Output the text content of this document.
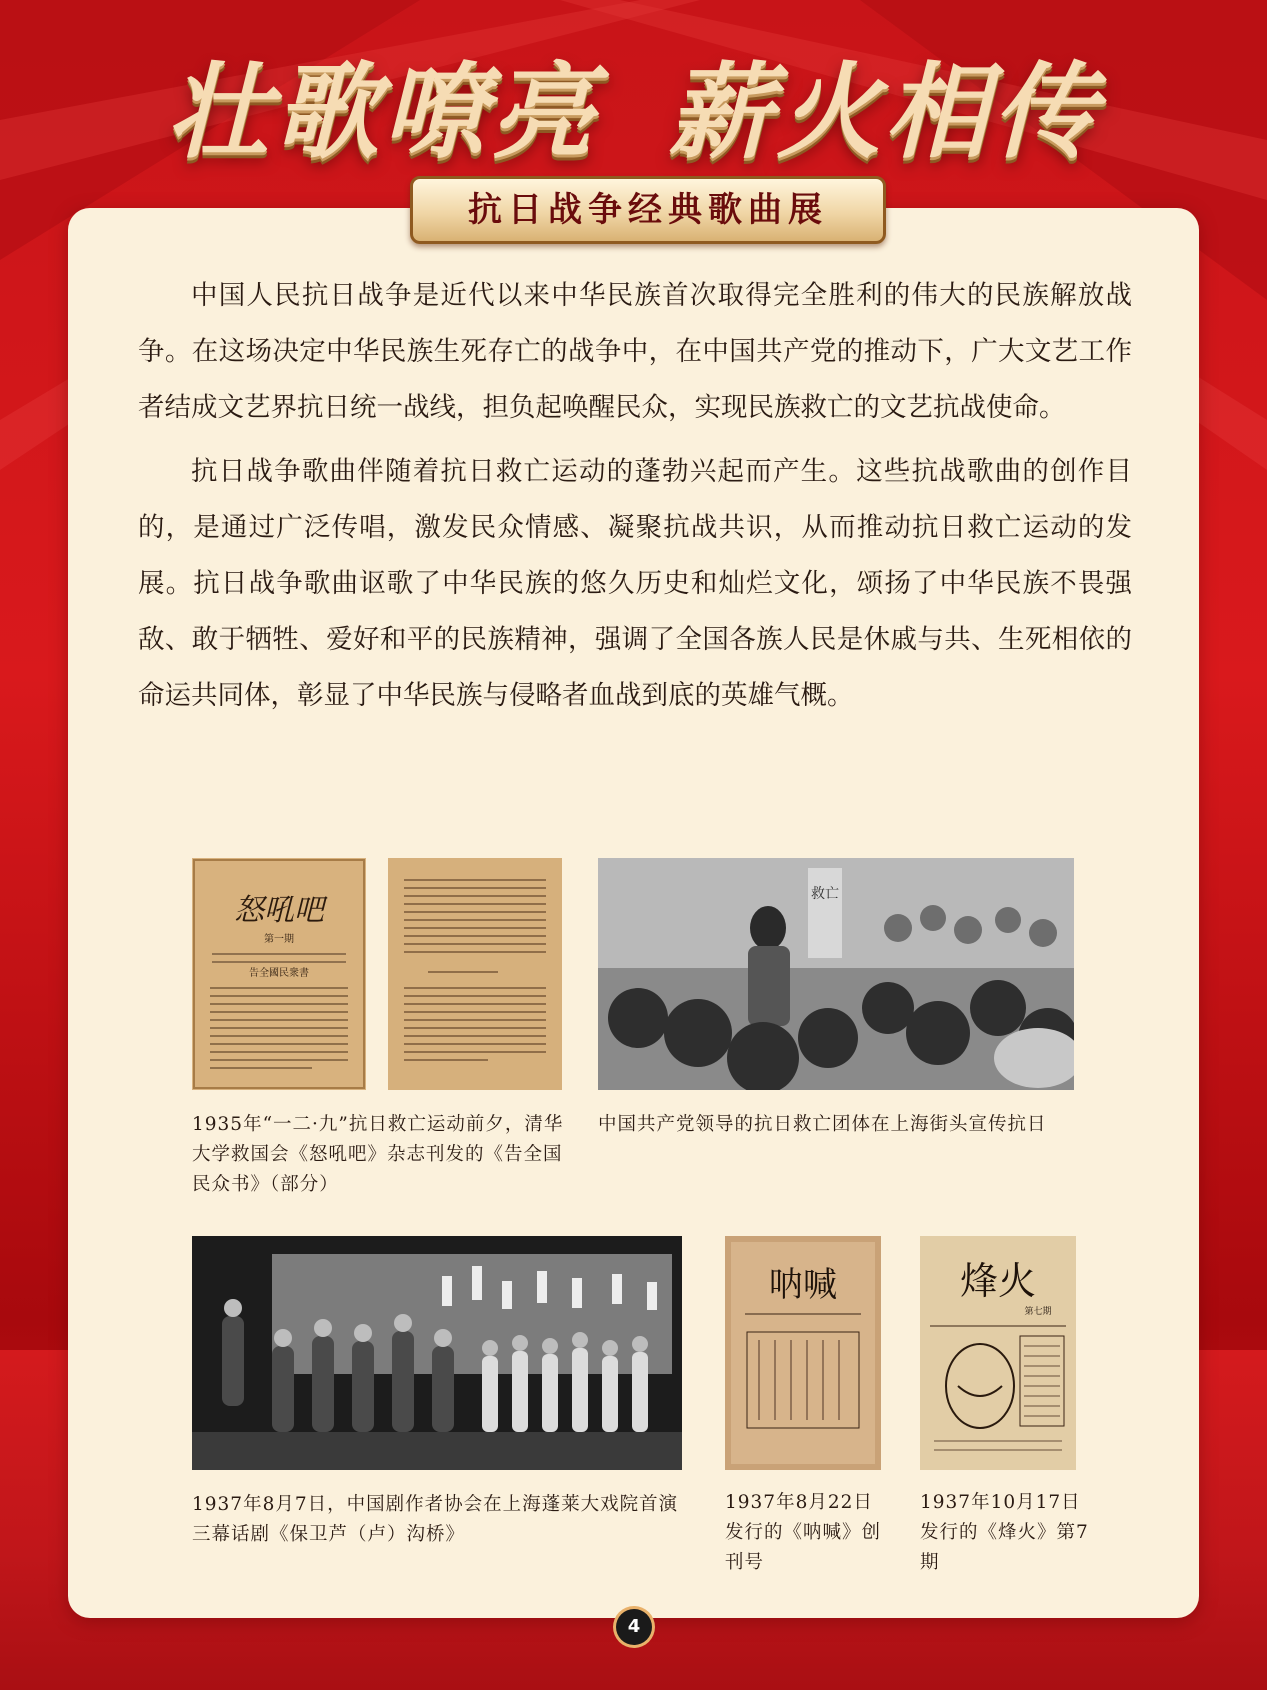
壮歌嘹亮 薪火相传
抗日战争经典歌曲展

中国人民抗日战争是近代以来中华民族首次取得完全胜利的伟大的民族解放战争。在这场决定中华民族生死存亡的战争中，在中国共产党的推动下，广大文艺工作者结成文艺界抗日统一战线，担负起唤醒民众，实现民族救亡的文艺抗战使命。

抗日战争歌曲伴随着抗日救亡运动的蓬勃兴起而产生。这些抗战歌曲的创作目的，是通过广泛传唱，激发民众情感、凝聚抗战共识，从而推动抗日救亡运动的发展。抗日战争歌曲讴歌了中华民族的悠久历史和灿烂文化，颂扬了中华民族不畏强敌、敢于牺牲、爱好和平的民族精神，强调了全国各族人民是休戚与共、生死相依的命运共同体，彰显了中华民族与侵略者血战到底的英雄气概。

怒吼吧
第一期
告全國民衆書
1935年“一二·九”抗日救亡运动前夕，清华大学救国会《怒吼吧》杂志刊发的《告全国民众书》（部分）
救亡
中国共产党领导的抗日救亡团体在上海街头宣传抗日
1937年8月7日，中国剧作者协会在上海蓬莱大戏院首演三幕话剧《保卫芦（卢）沟桥》
呐喊
1937年8月22日
发行的《呐喊》创刊号
烽火
第七期
1937年10月17日
发行的《烽火》第7期
4
